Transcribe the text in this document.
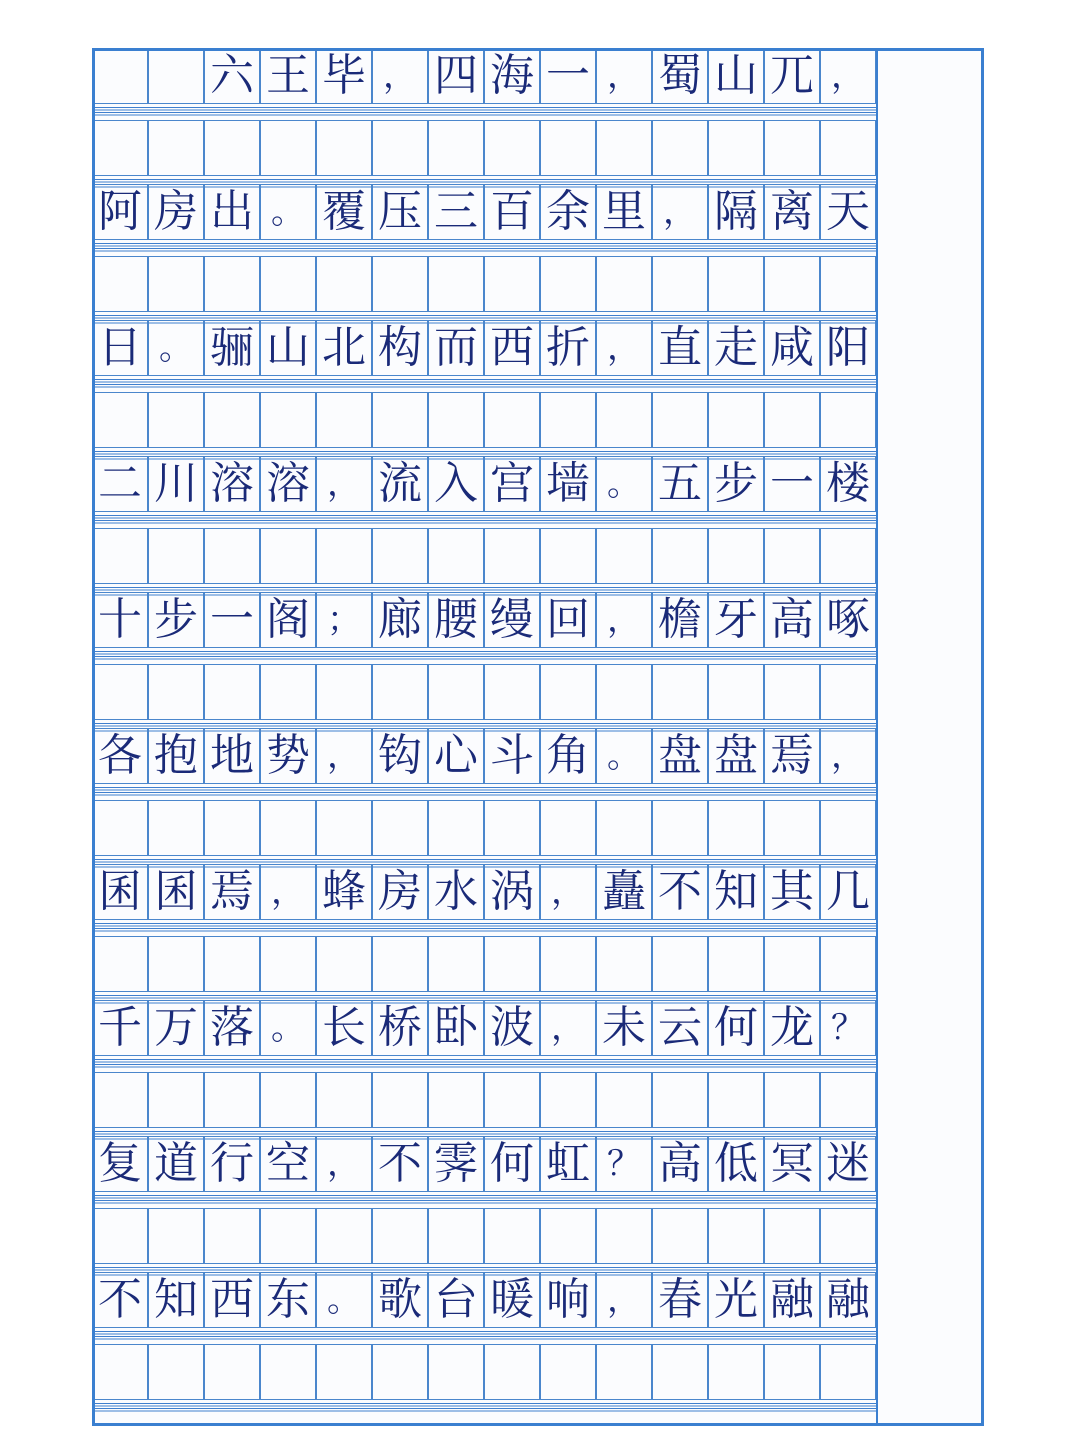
六 王 毕 ， 四 海 一 ， 蜀 山 兀 ，
阿 房 出 。 覆 压 三 百 余 里 ， 隔 离 天
日 。 骊 山 北 构 而 西 折 ， 直 走 咸 阳
二 川 溶 溶 ， 流 入 宫 墙 。 五 步 一 楼
十 步 一 阁 ； 廊 腰 缦 回 ， 檐 牙 高 啄
各 抱 地 势 ， 钩 心 斗 角 。 盘 盘 焉 ，
囷 囷 焉 ， 蜂 房 水 涡 ， 矗 不 知 其 几
千 万 落 。 长 桥 卧 波 ， 未 云 何 龙 ？
复 道 行 空 ， 不 霁 何 虹 ？ 高 低 冥 迷
不 知 西 东 。 歌 台 暖 响 ， 春 光 融 融
